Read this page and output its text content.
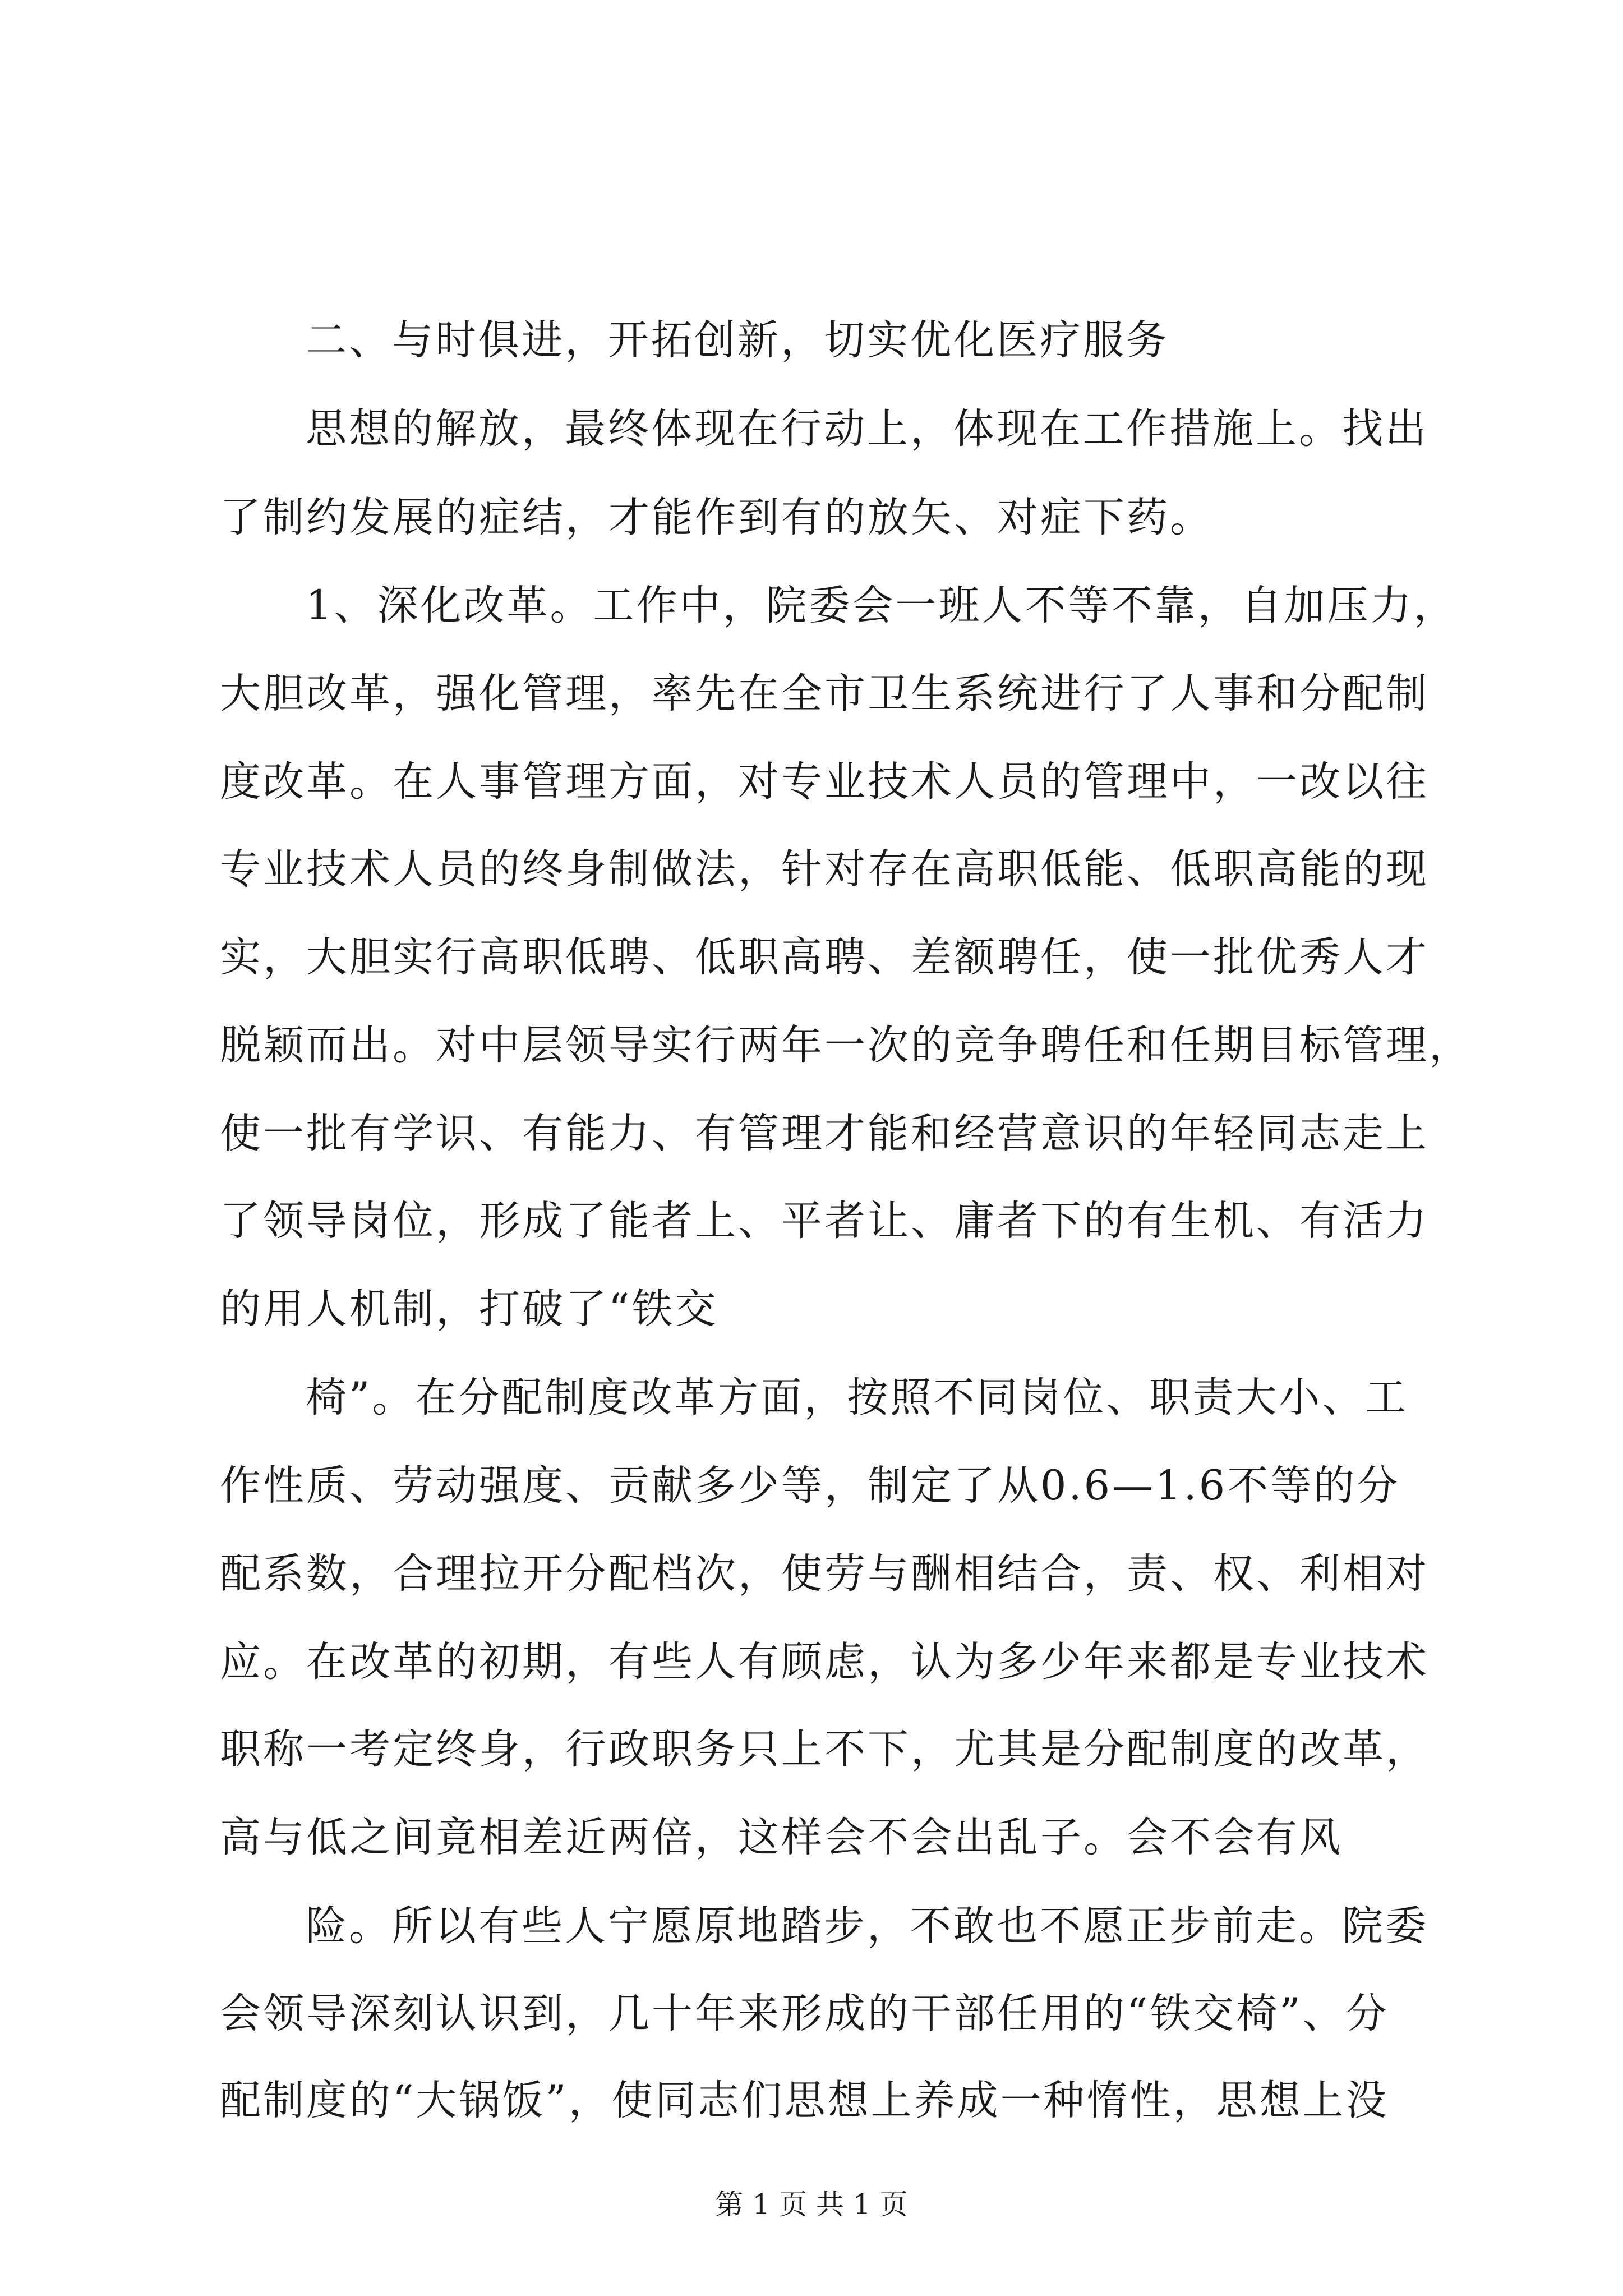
二、与时俱进，开拓创新，切实优化医疗服务
思想的解放，最终体现在行动上，体现在工作措施上。找出
了制约发展的症结，才能作到有的放矢、对症下药。
1、深化改革。工作中，院委会一班人不等不靠，自加压力，
大胆改革，强化管理，率先在全市卫生系统进行了人事和分配制
度改革。在人事管理方面，对专业技术人员的管理中，一改以往
专业技术人员的终身制做法，针对存在高职低能、低职高能的现
实，大胆实行高职低聘、低职高聘、差额聘任，使一批优秀人才
脱颖而出。对中层领导实行两年一次的竞争聘任和任期目标管理，
使一批有学识、有能力、有管理才能和经营意识的年轻同志走上
了领导岗位，形成了能者上、平者让、庸者下的有生机、有活力
的用人机制，打破了“铁交
椅”。在分配制度改革方面，按照不同岗位、职责大小、工
作性质、劳动强度、贡献多少等，制定了从0.6—1.6不等的分
配系数，合理拉开分配档次，使劳与酬相结合，责、权、利相对
应。在改革的初期，有些人有顾虑，认为多少年来都是专业技术
职称一考定终身，行政职务只上不下，尤其是分配制度的改革，
高与低之间竟相差近两倍，这样会不会出乱子。会不会有风
险。所以有些人宁愿原地踏步，不敢也不愿正步前走。院委
会领导深刻认识到，几十年来形成的干部任用的“铁交椅”、分
配制度的“大锅饭”，使同志们思想上养成一种惰性，思想上没
第 1 页 共 1 页
